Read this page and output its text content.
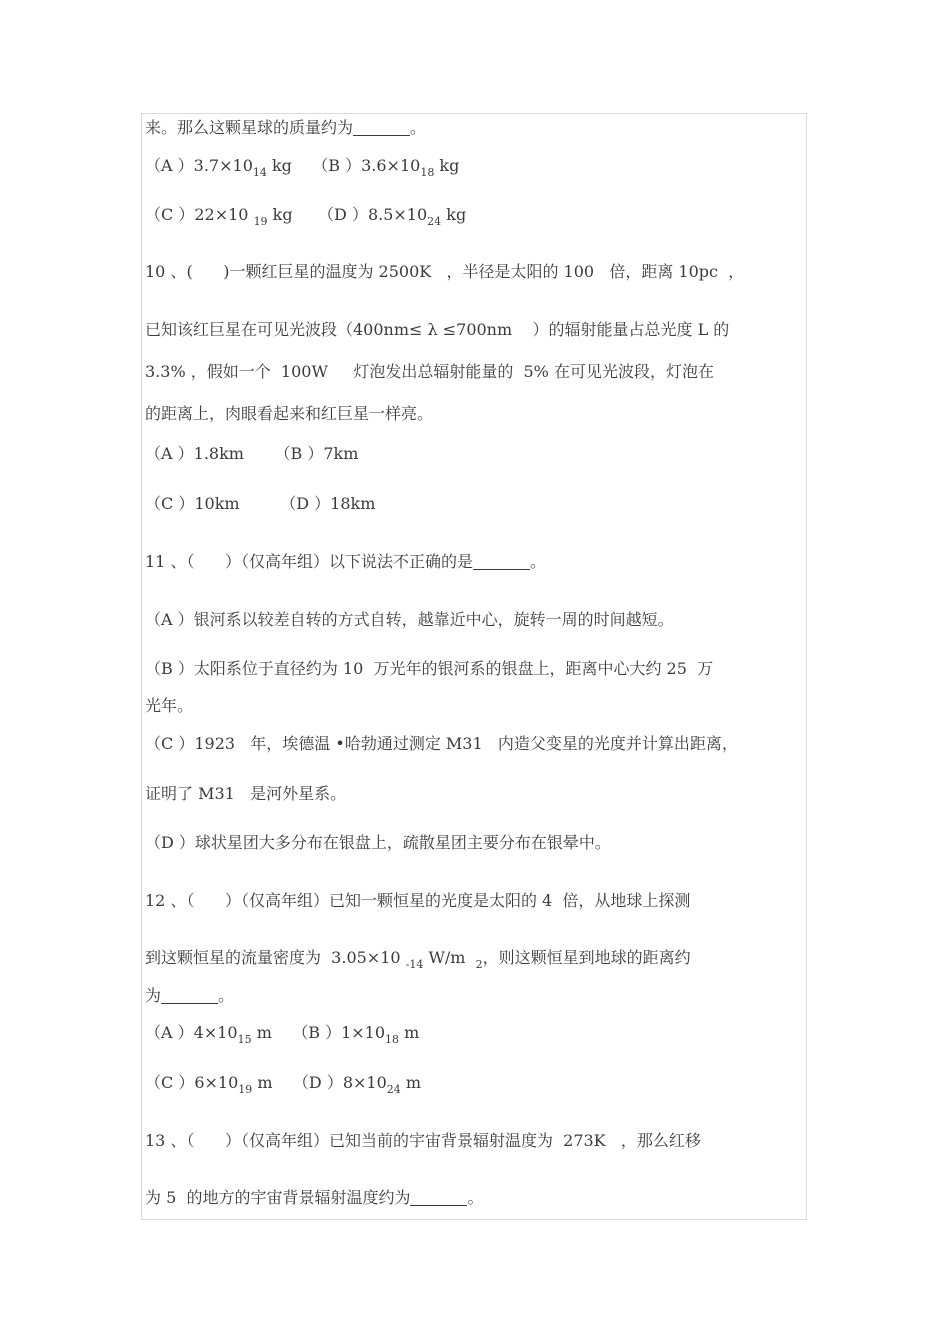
来。那么这颗星球的质量约为	。
（A ）$3.7\times 10_{14}$ kg （B ）$3.6\times 10_{18}$ kg
（C ）22×10 $_{19}$ kg （D ）$8.5\times 10_{24}$ kg
10 、(      )一颗红巨星的温度为 2500K   ，半径是太阳的 100   倍，距离 10pc  ，
已知该红巨星在可见光波段（400nm≤ λ ≤700nm    ）的辐射能量占总光度 L 的
3.3% ，假如一个  100W     灯泡发出总辐射能量的  5% 在可见光波段，灯泡在
的距离上，肉眼看起来和红巨星一样亮。
（A ）1.8km      （B ）7km
（C ）10km        （D ）18km
11 、（      ）（仅高年组）以下说法不正确的是	。
（A ）银河系以较差自转的方式自转，越靠近中心，旋转一周的时间越短。
（B ）太阳系位于直径约为 10  万光年的银河系的银盘上，距离中心大约 25  万
光年。
（C ）1923   年，埃德温 •哈勃通过测定 M31   内造父变星的光度并计算出距离，
证明了 M31   是河外星系。
（D ）球状星团大多分布在银盘上，疏散星团主要分布在银晕中。
12 、（      ）（仅高年组）已知一颗恒星的光度是太阳的 4  倍，从地球上探测
到这颗恒星的流量密度为  3.05×10 $_{-14}$ W/m  $_2$，则这颗恒星到地球的距离约
为	。
（A ）$4\times 10_{15}$ m （B ）$1\times 10_{18}$ m
（C ）$6\times 10_{19}$ m （D ）$8\times 10_{24}$ m
13 、（      ）（仅高年组）已知当前的宇宙背景辐射温度为  273K   ，那么红移
为 5  的地方的宇宙背景辐射温度约为	。
